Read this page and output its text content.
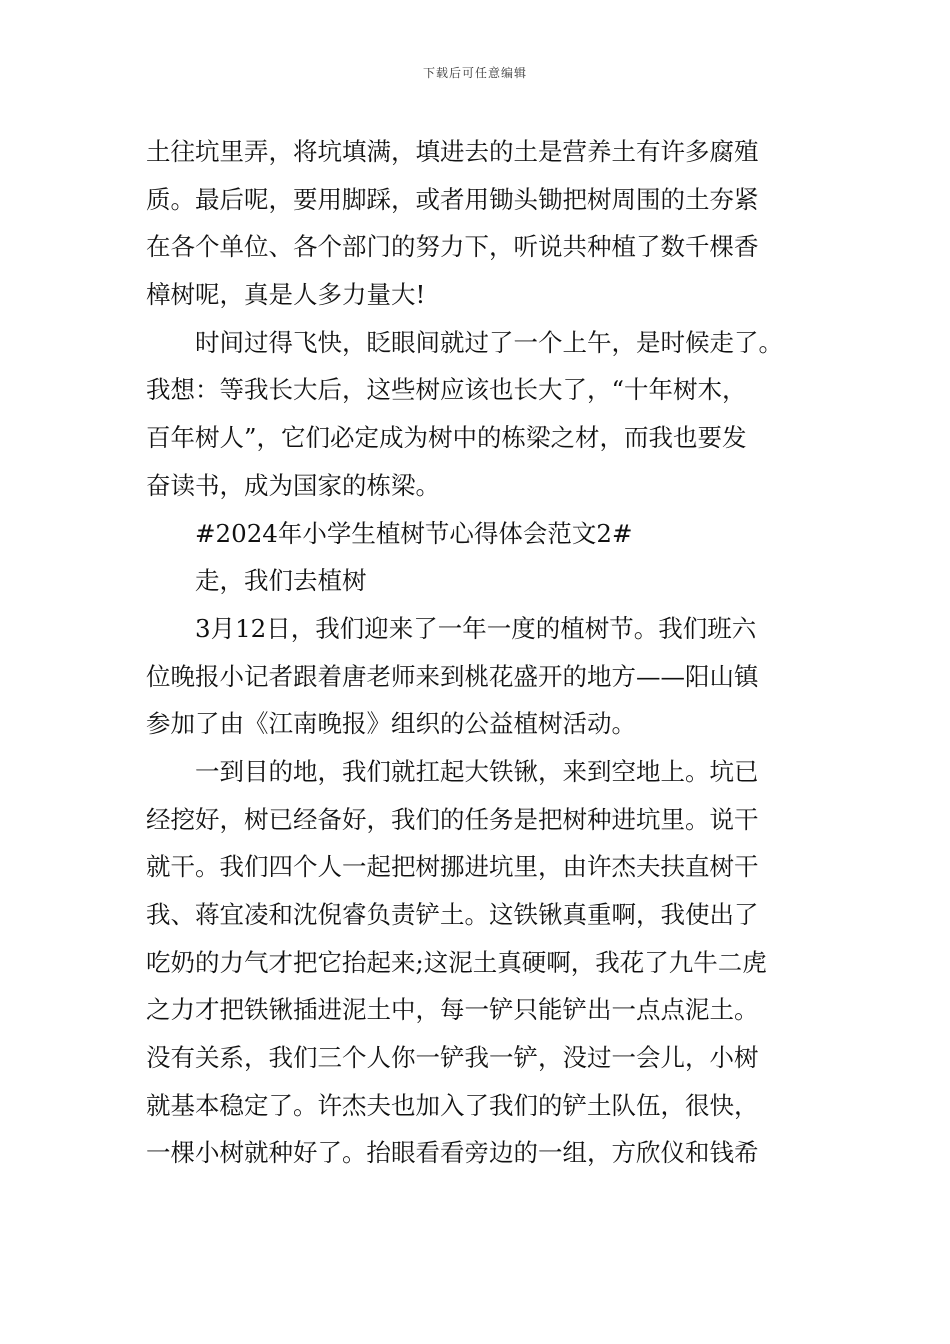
下载后可任意编辑
土往坑里弄，将坑填满，填进去的土是营养土有许多腐殖
质。最后呢，要用脚踩，或者用锄头锄把树周围的土夯紧
在各个单位、各个部门的努力下，听说共种植了数千棵香
樟树呢，真是人多力量大!
时间过得飞快，眨眼间就过了一个上午，是时候走了。
我想：等我长大后，这些树应该也长大了，“十年树木，
百年树人”，它们必定成为树中的栋梁之材，而我也要发
奋读书，成为国家的栋梁。
#2024年小学生植树节心得体会范文2#
走，我们去植树
3月12日，我们迎来了一年一度的植树节。我们班六
位晚报小记者跟着唐老师来到桃花盛开的地方——阳山镇
参加了由《江南晚报》组织的公益植树活动。
一到目的地，我们就扛起大铁锹，来到空地上。坑已
经挖好，树已经备好，我们的任务是把树种进坑里。说干
就干。我们四个人一起把树挪进坑里，由许杰夫扶直树干
我、蒋宜凌和沈倪睿负责铲土。这铁锹真重啊，我使出了
吃奶的力气才把它抬起来;这泥土真硬啊，我花了九牛二虎
之力才把铁锹插进泥土中，每一铲只能铲出一点点泥土。
没有关系，我们三个人你一铲我一铲，没过一会儿，小树
就基本稳定了。许杰夫也加入了我们的铲土队伍，很快，
一棵小树就种好了。抬眼看看旁边的一组，方欣仪和钱希
